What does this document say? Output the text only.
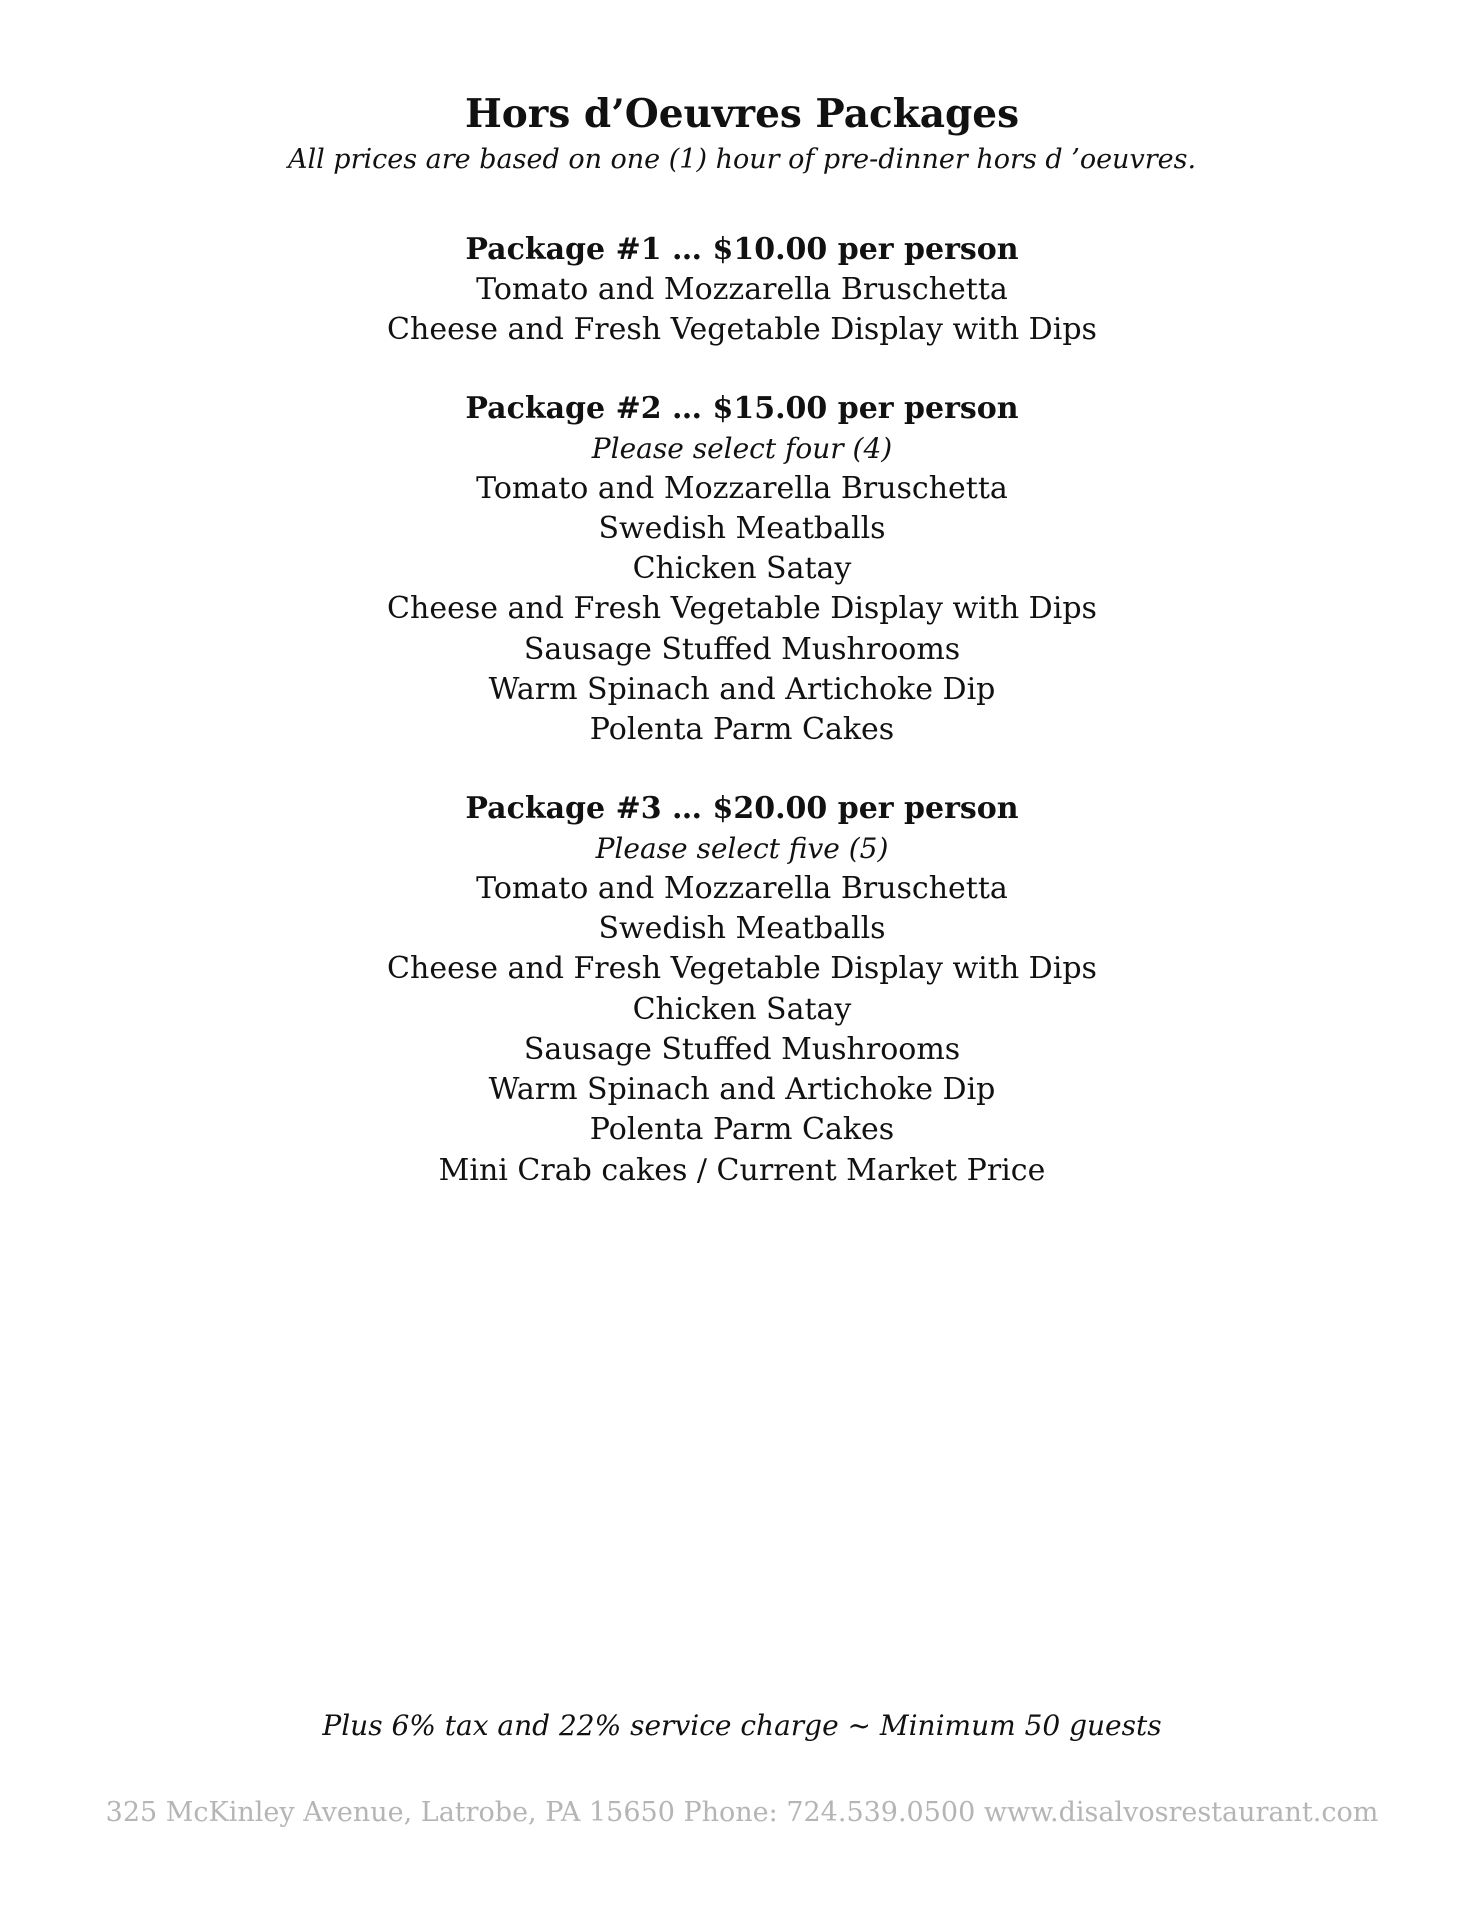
Hors d’Oeuvres Packages

All prices are based on one (1) hour of pre-dinner hors d ’oeuvres.

Package #1 … $10.00 per person
Tomato and Mozzarella Bruschetta
Cheese and Fresh Vegetable Display with Dips
Package #2 … $15.00 per person
Please select four (4)
Tomato and Mozzarella Bruschetta
Swedish Meatballs
Chicken Satay
Cheese and Fresh Vegetable Display with Dips
Sausage Stuffed Mushrooms
Warm Spinach and Artichoke Dip
Polenta Parm Cakes
Package #3 … $20.00 per person
Please select five (5)
Tomato and Mozzarella Bruschetta
Swedish Meatballs
Cheese and Fresh Vegetable Display with Dips
Chicken Satay
Sausage Stuffed Mushrooms
Warm Spinach and Artichoke Dip
Polenta Parm Cakes
Mini Crab cakes / Current Market Price
Plus 6% tax and 22% service charge ~ Minimum 50 guests
325 McKinley Avenue, Latrobe, PA 15650 Phone: 724.539.0500 www.disalvosrestaurant.com
